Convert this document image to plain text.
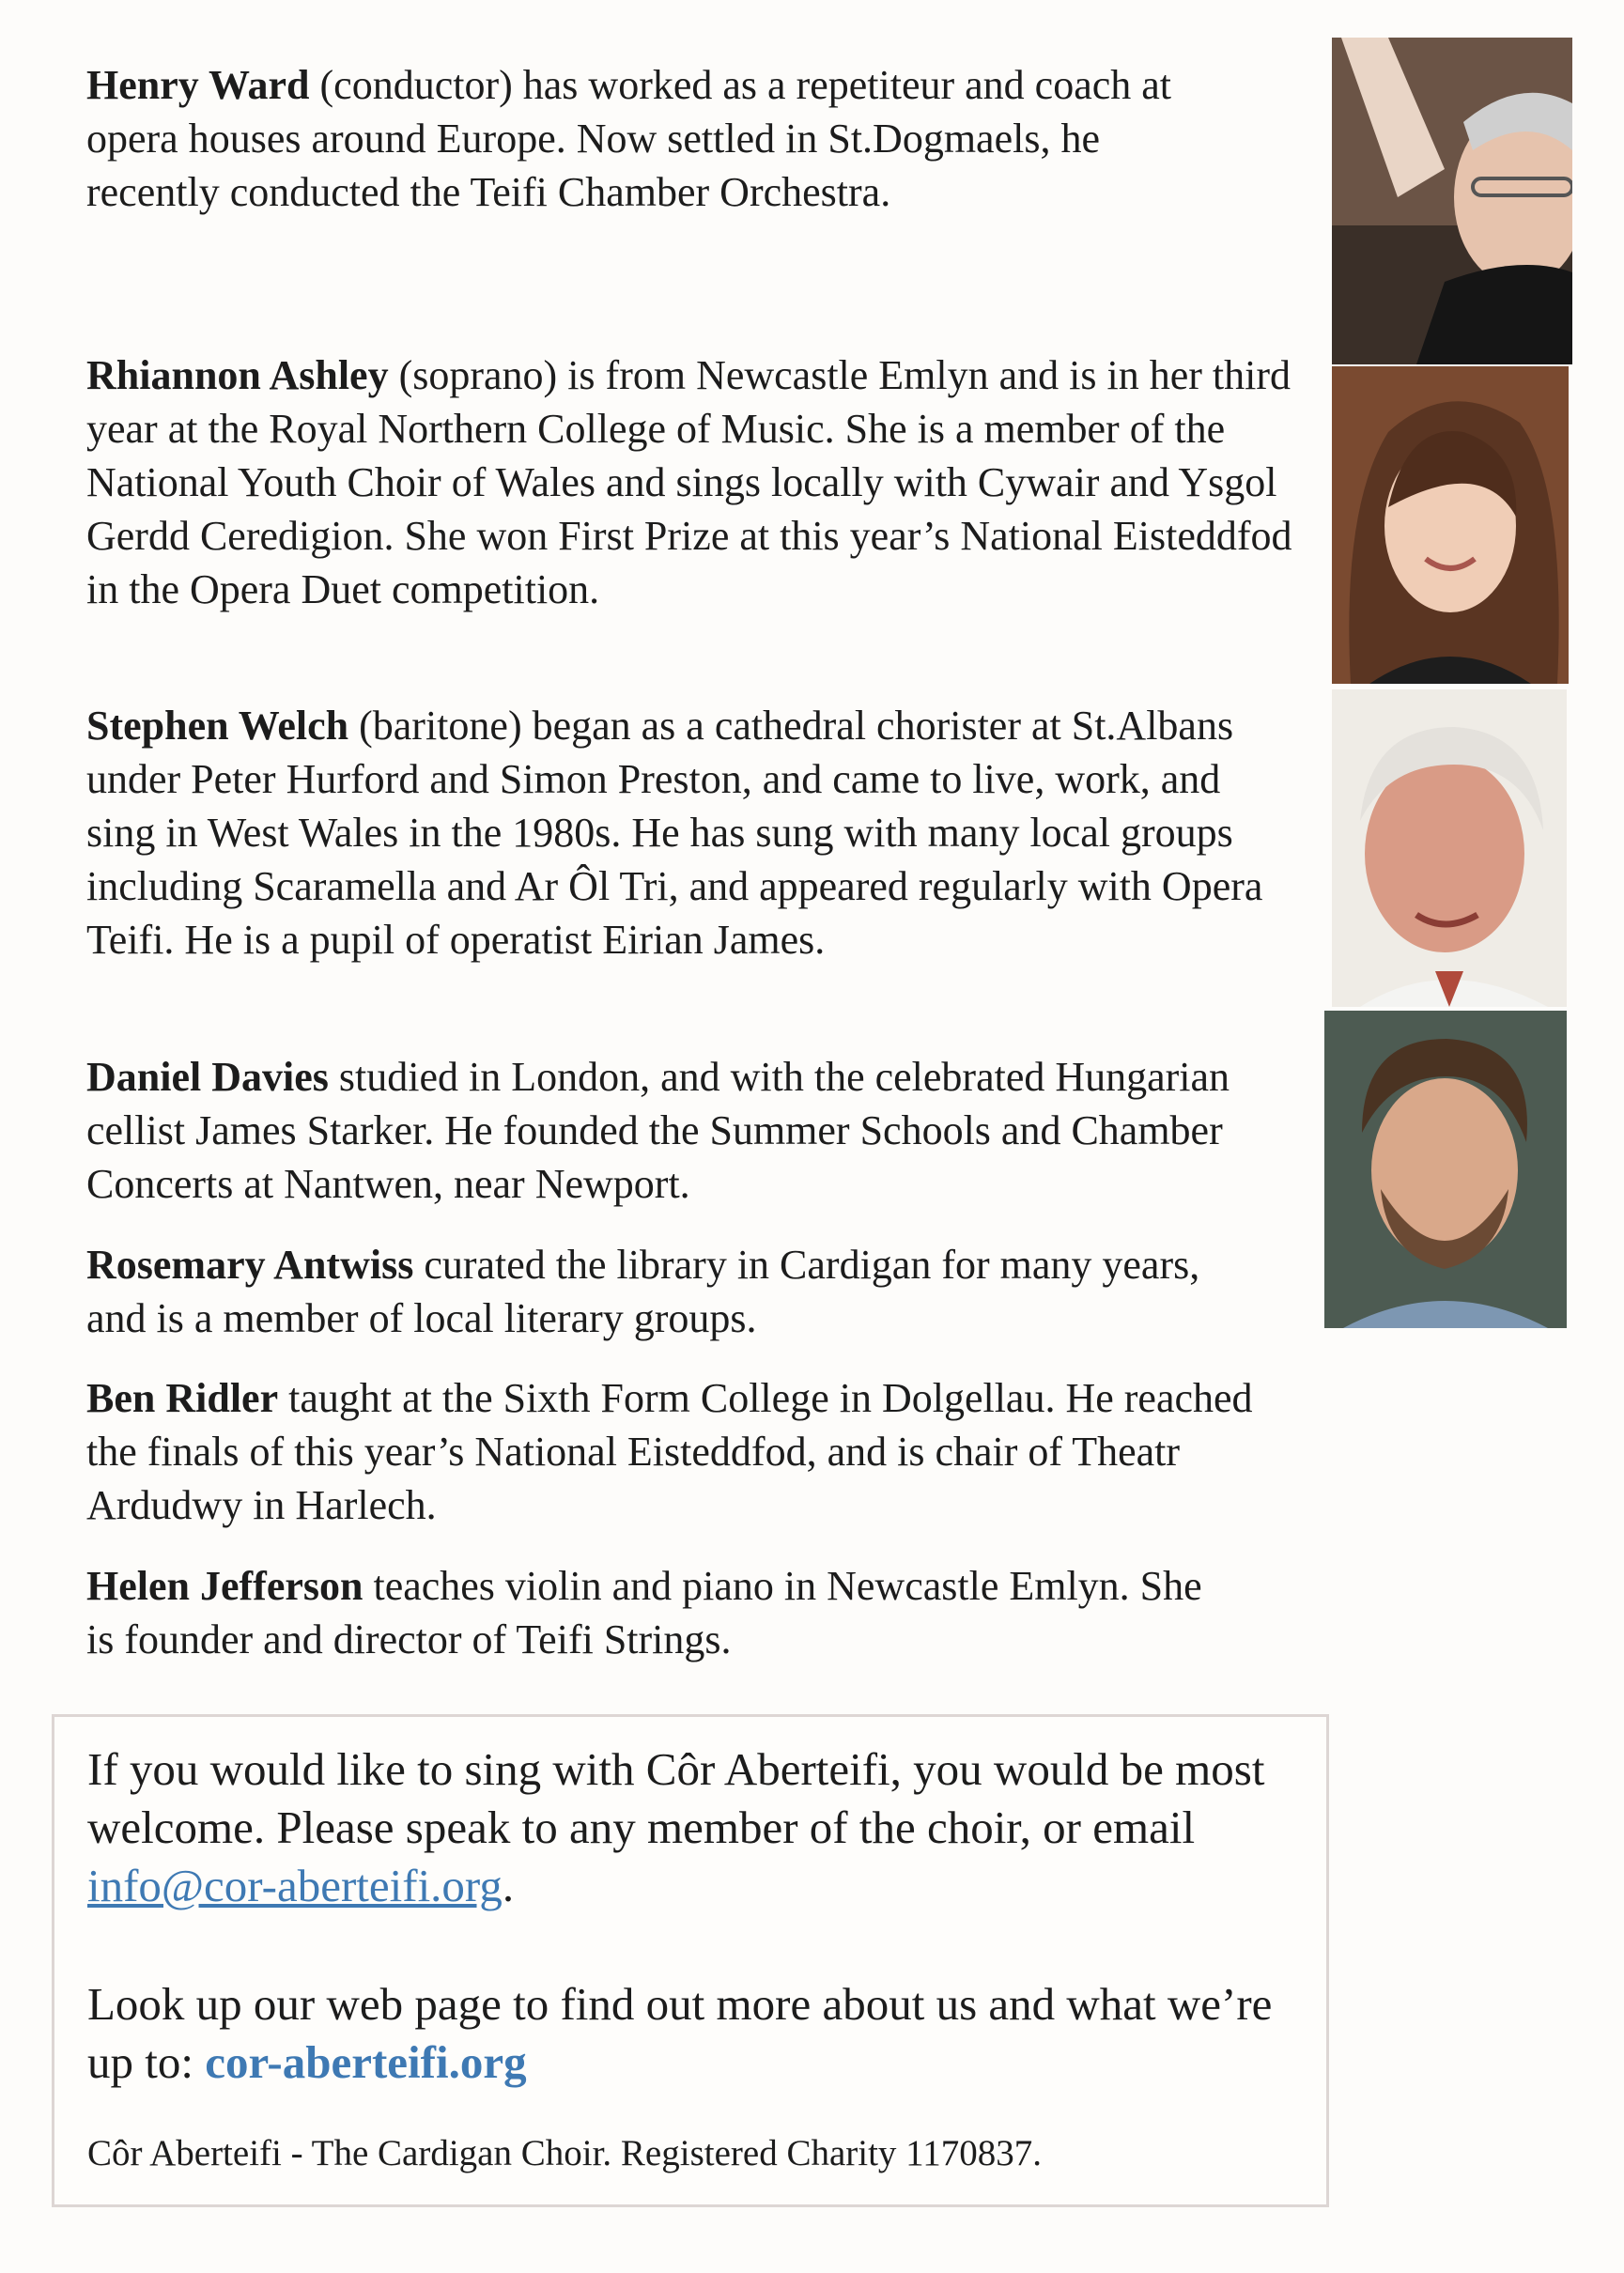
Henry Ward (conductor) has worked as a repetiteur and coach at opera houses around Europe. Now settled in St.Dogmaels, he recently conducted the Teifi Chamber Orchestra.

Rhiannon Ashley (soprano) is from Newcastle Emlyn and is in her third year at the Royal Northern College of Music. She is a member of the National Youth Choir of Wales and sings locally with Cywair and Ysgol Gerdd Ceredigion. She won First Prize at this year’s National Eisteddfod in the Opera Duet competition.

Stephen Welch (baritone) began as a cathedral chorister at St.Albans under Peter Hurford and Simon Preston, and came to live, work, and sing in West Wales in the 1980s. He has sung with many local groups including Scaramella and Ar Ôl Tri, and appeared regularly with Opera Teifi. He is a pupil of operatist Eirian James.

Daniel Davies studied in London, and with the celebrated Hungarian cellist James Starker. He founded the Summer Schools and Chamber Concerts at Nantwen, near Newport.

Rosemary Antwiss curated the library in Cardigan for many years, and is a member of local literary groups.

Ben Ridler taught at the Sixth Form College in Dolgellau. He reached the finals of this year’s National Eisteddfod, and is chair of Theatr Ardudwy in Harlech.

Helen Jefferson teaches violin and piano in Newcastle Emlyn. She is founder and director of Teifi Strings.

If you would like to sing with Côr Aberteifi, you would be most welcome. Please speak to any member of the choir, or email info@cor-aberteifi.org.

Look up our web page to find out more about us and what we’re up to: cor-aberteifi.org

Côr Aberteifi - The Cardigan Choir. Registered Charity 1170837.
